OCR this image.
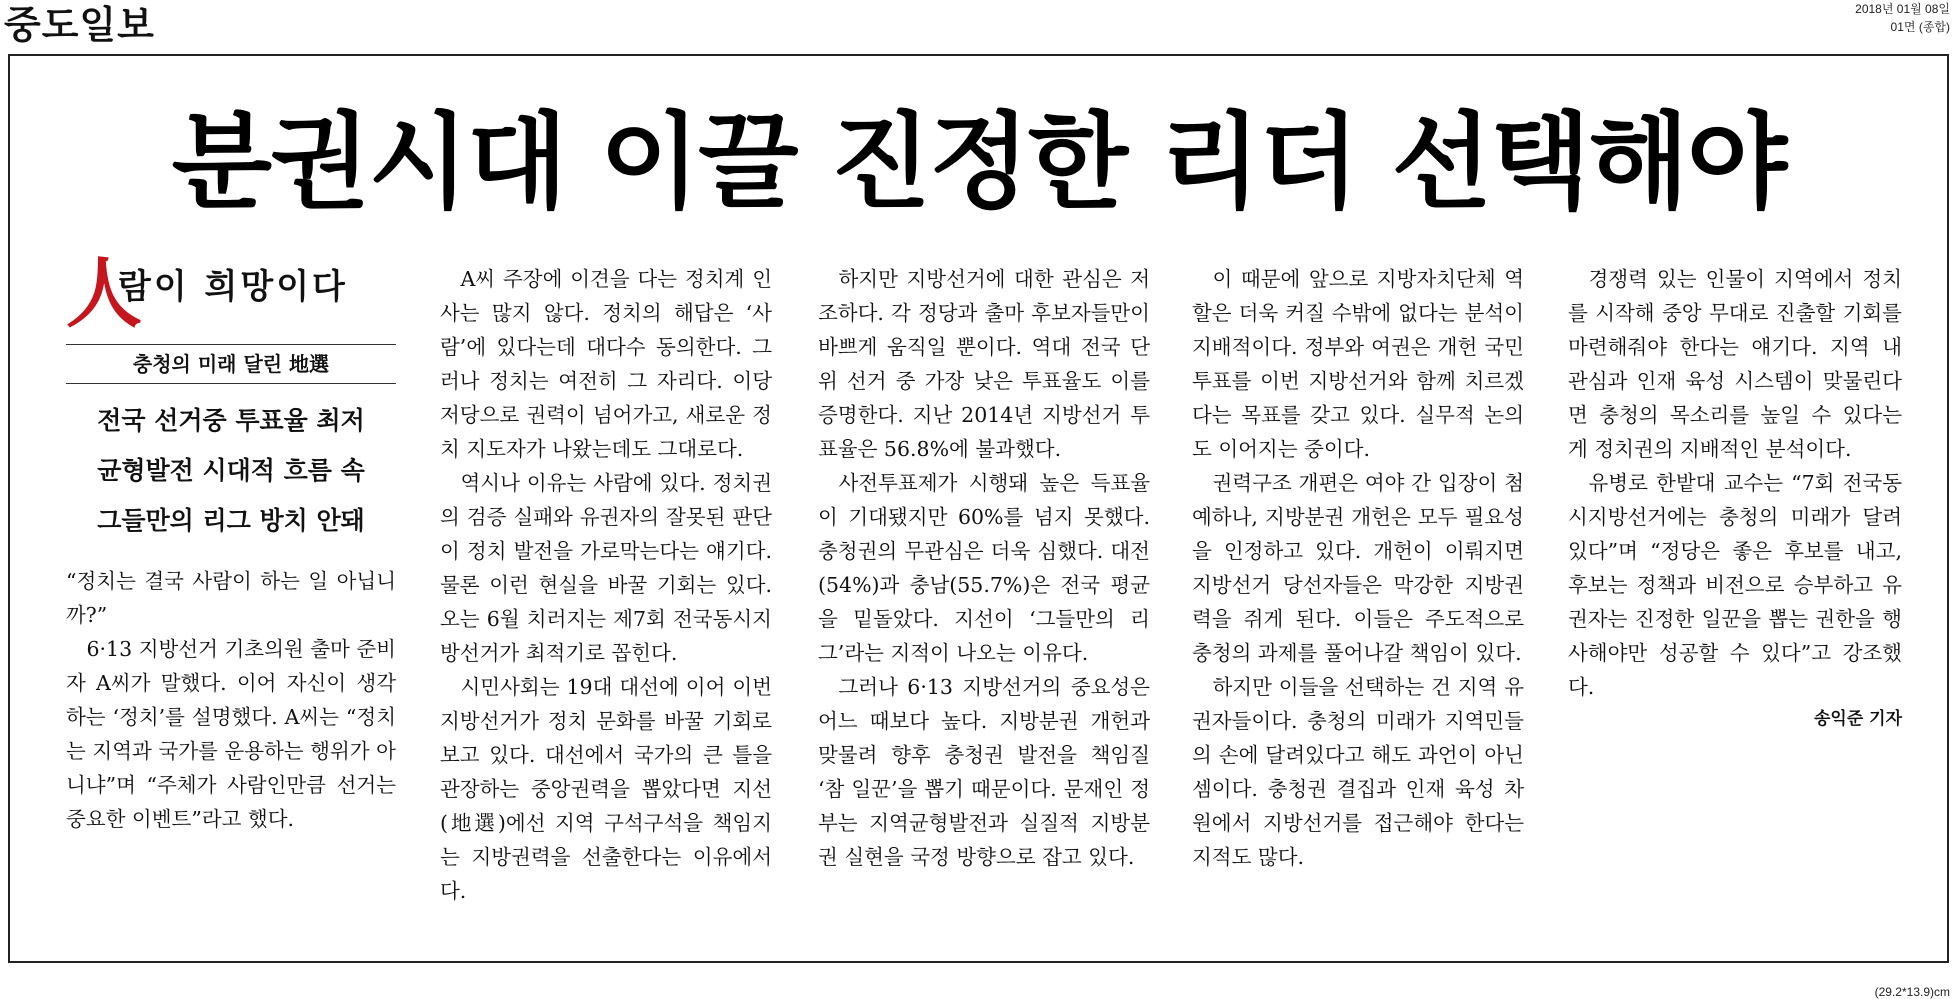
중도일보	2018년 01월 08일
01면 (종합)
분권시대 이끌 진정한 리더 선택해야
人
람이 희망이다
충청의 미래 달린 地選
전국 선거중 투표율 최저
균형발전 시대적 흐름 속
그들만의 리그 방치 안돼

“정치는 결국 사람이 하는 일 아닙니까?”

6·13 지방선거 기초의원 출마 준비자 A씨가 말했다. 이어 자신이 생각하는 ‘정치’를 설명했다. A씨는 “정치는 지역과 국가를 운용하는 행위가 아니냐”며 “주체가 사람인만큼 선거는 중요한 이벤트”라고 했다.

A씨 주장에 이견을 다는 정치계 인사는 많지 않다. 정치의 해답은 ‘사람’에 있다는데 대다수 동의한다. 그러나 정치는 여전히 그 자리다. 이당 저당으로 권력이 넘어가고, 새로운 정치 지도자가 나왔는데도 그대로다.

역시나 이유는 사람에 있다. 정치권의 검증 실패와 유권자의 잘못된 판단이 정치 발전을 가로막는다는 얘기다. 물론 이런 현실을 바꿀 기회는 있다. 오는 6월 치러지는 제7회 전국동시지방선거가 최적기로 꼽힌다.

시민사회는 19대 대선에 이어 이번 지방선거가 정치 문화를 바꿀 기회로 보고 있다. 대선에서 국가의 큰 틀을 관장하는 중앙권력을 뽑았다면 지선(地選)에선 지역 구석구석을 책임지는 지방권력을 선출한다는 이유에서다.

하지만 지방선거에 대한 관심은 저조하다. 각 정당과 출마 후보자들만이 바쁘게 움직일 뿐이다. 역대 전국 단위 선거 중 가장 낮은 투표율도 이를 증명한다. 지난 2014년 지방선거 투표율은 56.8%에 불과했다.

사전투표제가 시행돼 높은 득표율이 기대됐지만 60%를 넘지 못했다. 충청권의 무관심은 더욱 심했다. 대전(54%)과 충남(55.7%)은 전국 평균을 밑돌았다. 지선이 ‘그들만의 리그’라는 지적이 나오는 이유다.

그러나 6·13 지방선거의 중요성은 어느 때보다 높다. 지방분권 개헌과 맞물려 향후 충청권 발전을 책임질 ‘참 일꾼’을 뽑기 때문이다. 문재인 정부는 지역균형발전과 실질적 지방분권 실현을 국정 방향으로 잡고 있다.

이 때문에 앞으로 지방자치단체 역할은 더욱 커질 수밖에 없다는 분석이 지배적이다. 정부와 여권은 개헌 국민투표를 이번 지방선거와 함께 치르겠다는 목표를 갖고 있다. 실무적 논의도 이어지는 중이다.

권력구조 개편은 여야 간 입장이 첨예하나, 지방분권 개헌은 모두 필요성을 인정하고 있다. 개헌이 이뤄지면 지방선거 당선자들은 막강한 지방권력을 쥐게 된다. 이들은 주도적으로 충청의 과제를 풀어나갈 책임이 있다.

하지만 이들을 선택하는 건 지역 유권자들이다. 충청의 미래가 지역민들의 손에 달려있다고 해도 과언이 아닌 셈이다. 충청권 결집과 인재 육성 차원에서 지방선거를 접근해야 한다는 지적도 많다.

경쟁력 있는 인물이 지역에서 정치를 시작해 중앙 무대로 진출할 기회를 마련해줘야 한다는 얘기다. 지역 내 관심과 인재 육성 시스템이 맞물린다면 충청의 목소리를 높일 수 있다는 게 정치권의 지배적인 분석이다.

유병로 한밭대 교수는 “7회 전국동시지방선거에는 충청의 미래가 달려있다”며 “정당은 좋은 후보를 내고, 후보는 정책과 비전으로 승부하고 유권자는 진정한 일꾼을 뽑는 권한을 행사해야만 성공할 수 있다”고 강조했다.

송익준 기자
(29.2*13.9)cm
